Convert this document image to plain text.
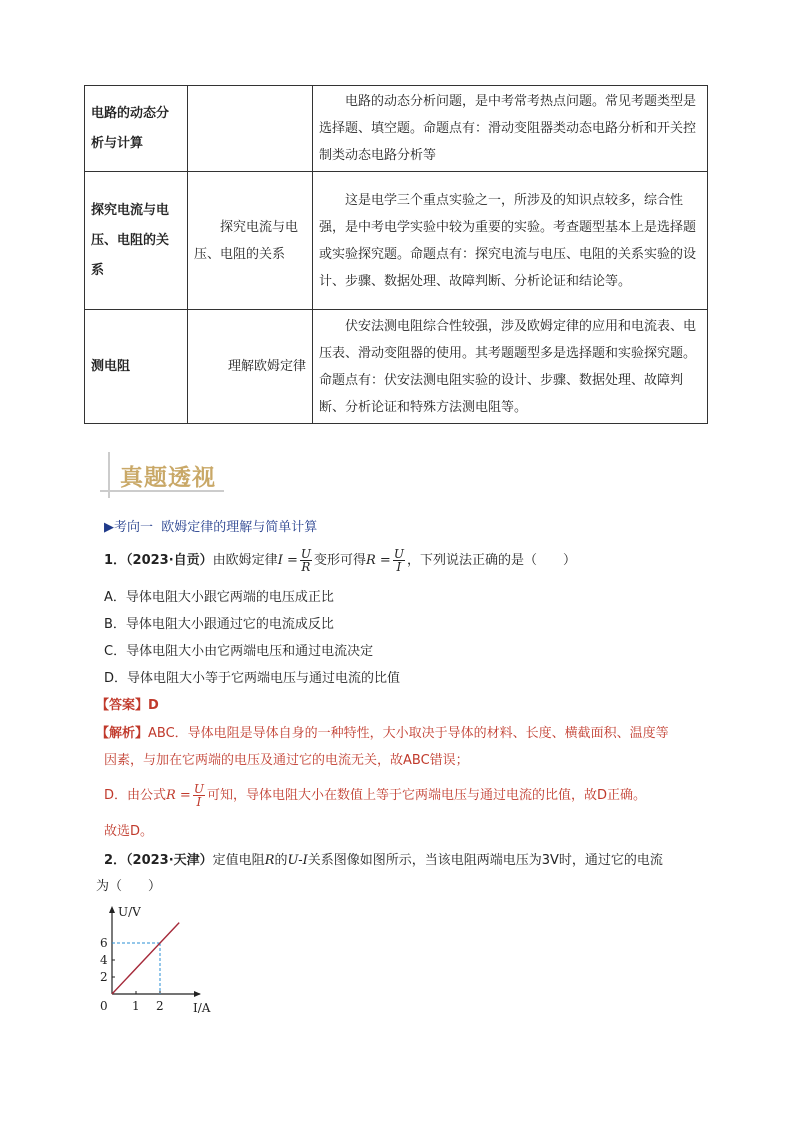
电路的动态分析与计算		电路的动态分析问题，是中考常考热点问题。常见考题类型是选择题、填空题。命题点有：滑动变阻器类动态电路分析和开关控制类动态电路分析等

探究电流与电压、电阻的关系	探究电流与电压、电阻的关系	这是电学三个重点实验之一，所涉及的知识点较多，综合性强，是中考电学实验中较为重要的实验。考查题型基本上是选择题或实验探究题。命题点有：探究电流与电压、电阻的关系实验的设计、步骤、数据处理、故障判断、分析论证和结论等。

测电阻	理解欧姆定律	伏安法测电阻综合性较强，涉及欧姆定律的应用和电流表、电压表、滑动变阻器的使用。其考题题型多是选择题和实验探究题。命题点有：伏安法测电阻实验的设计、步骤、数据处理、故障判断、分析论证和特殊方法测电阻等。
真题透视
▶考向一 欧姆定律的理解与简单计算
1．（2023·自贡）由欧姆定律$I = \frac{U}{R}$ 变形可得$R = \frac{U}{I}$ ，下列说法正确的是（　　）
A．导体电阻大小跟它两端的电压成正比
B．导体电阻大小跟通过它的电流成反比
C．导体电阻大小由它两端电压和通过电流决定
D．导体电阻大小等于它两端电压与通过电流的比值
【答案】D
【解析】ABC．导体电阻是导体自身的一种特性，大小取决于导体的材料、长度、横截面积、温度等
因素，与加在它两端的电压及通过它的电流无关，故ABC错误；
D．由公式$R = \frac{U}{I}$ 可知，导体电阻大小在数值上等于它两端电压与通过电流的比值，故D正确。
故选D。
2．（2023·天津）定值电阻R的U-I关系图像如图所示，当该电阻两端电压为3V时，通过它的电流
为（　　）
U/V
I/A
0 1 2
2
4
6
